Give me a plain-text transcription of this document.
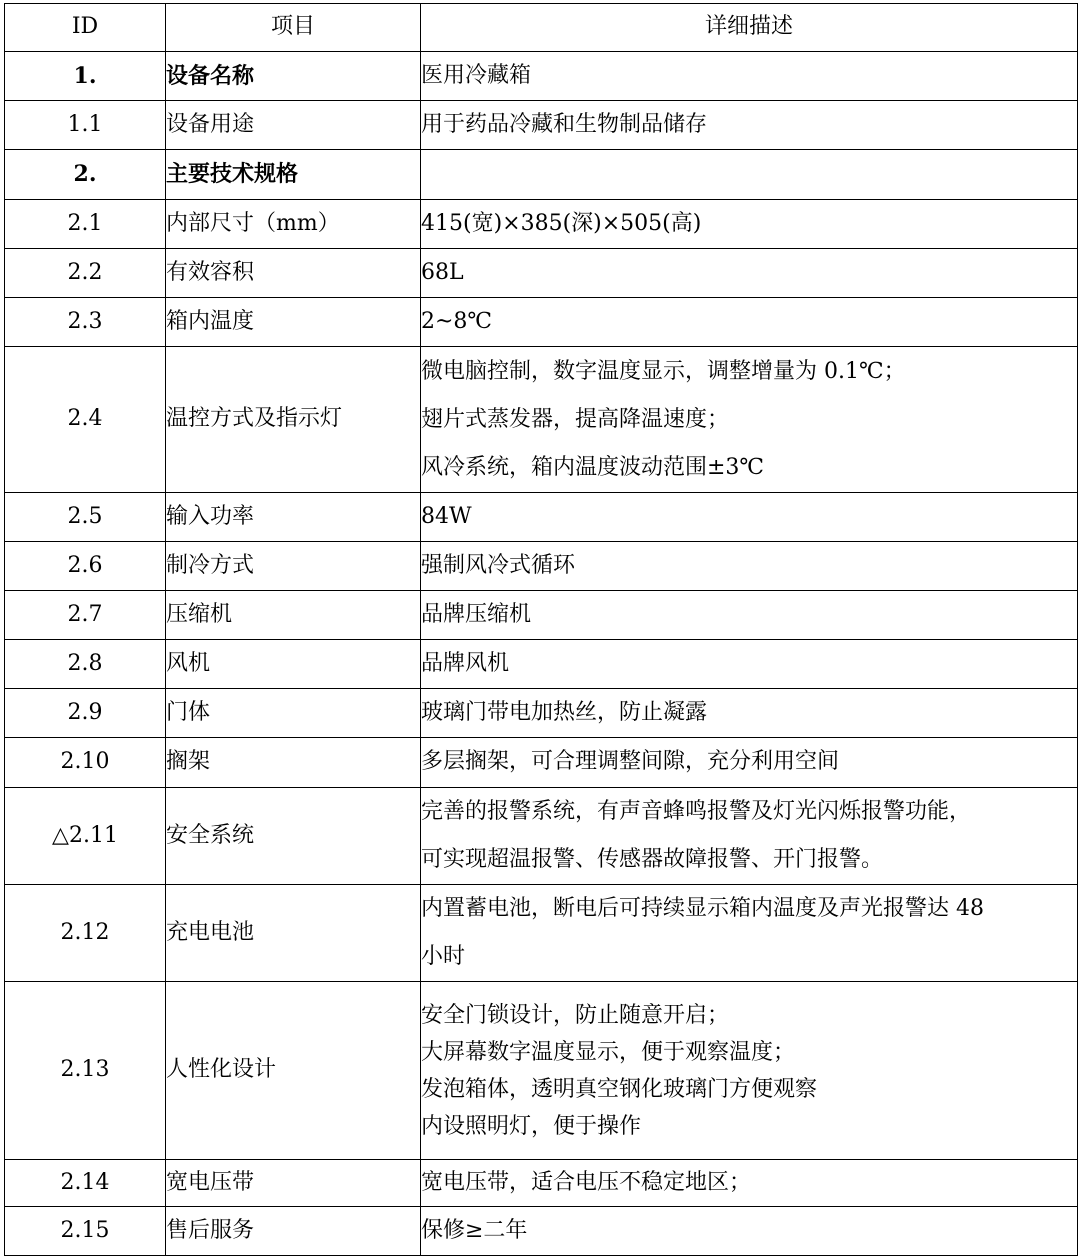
ID	项目	详细描述
1.	设备名称	医用冷藏箱

1.1	设备用途	用于药品冷藏和生物制品储存

2.	主要技术规格	

2.1	内部尺寸（mm）	415(宽)×385(深)×505(高)

2.2	有效容积	68L

2.3	箱内温度	2~8℃

2.4	温控方式及指示灯	微电脑控制，数字温度显示，调整增量为 0.1℃；
翅片式蒸发器，提高降温速度；
风冷系统，箱内温度波动范围±3℃

2.5	输入功率	84W

2.6	制冷方式	强制风冷式循环

2.7	压缩机	品牌压缩机

2.8	风机	品牌风机

2.9	门体	玻璃门带电加热丝，防止凝露

2.10	搁架	多层搁架，可合理调整间隙，充分利用空间

△2.11	安全系统	完善的报警系统，有声音蜂鸣报警及灯光闪烁报警功能，
可实现超温报警、传感器故障报警、开门报警。

2.12	充电电池	内置蓄电池，断电后可持续显示箱内温度及声光报警达 48
小时

2.13	人性化设计	安全门锁设计，防止随意开启；
大屏幕数字温度显示，便于观察温度；
发泡箱体，透明真空钢化玻璃门方便观察
内设照明灯，便于操作

2.14	宽电压带	宽电压带，适合电压不稳定地区；

2.15	售后服务	保修≥二年
